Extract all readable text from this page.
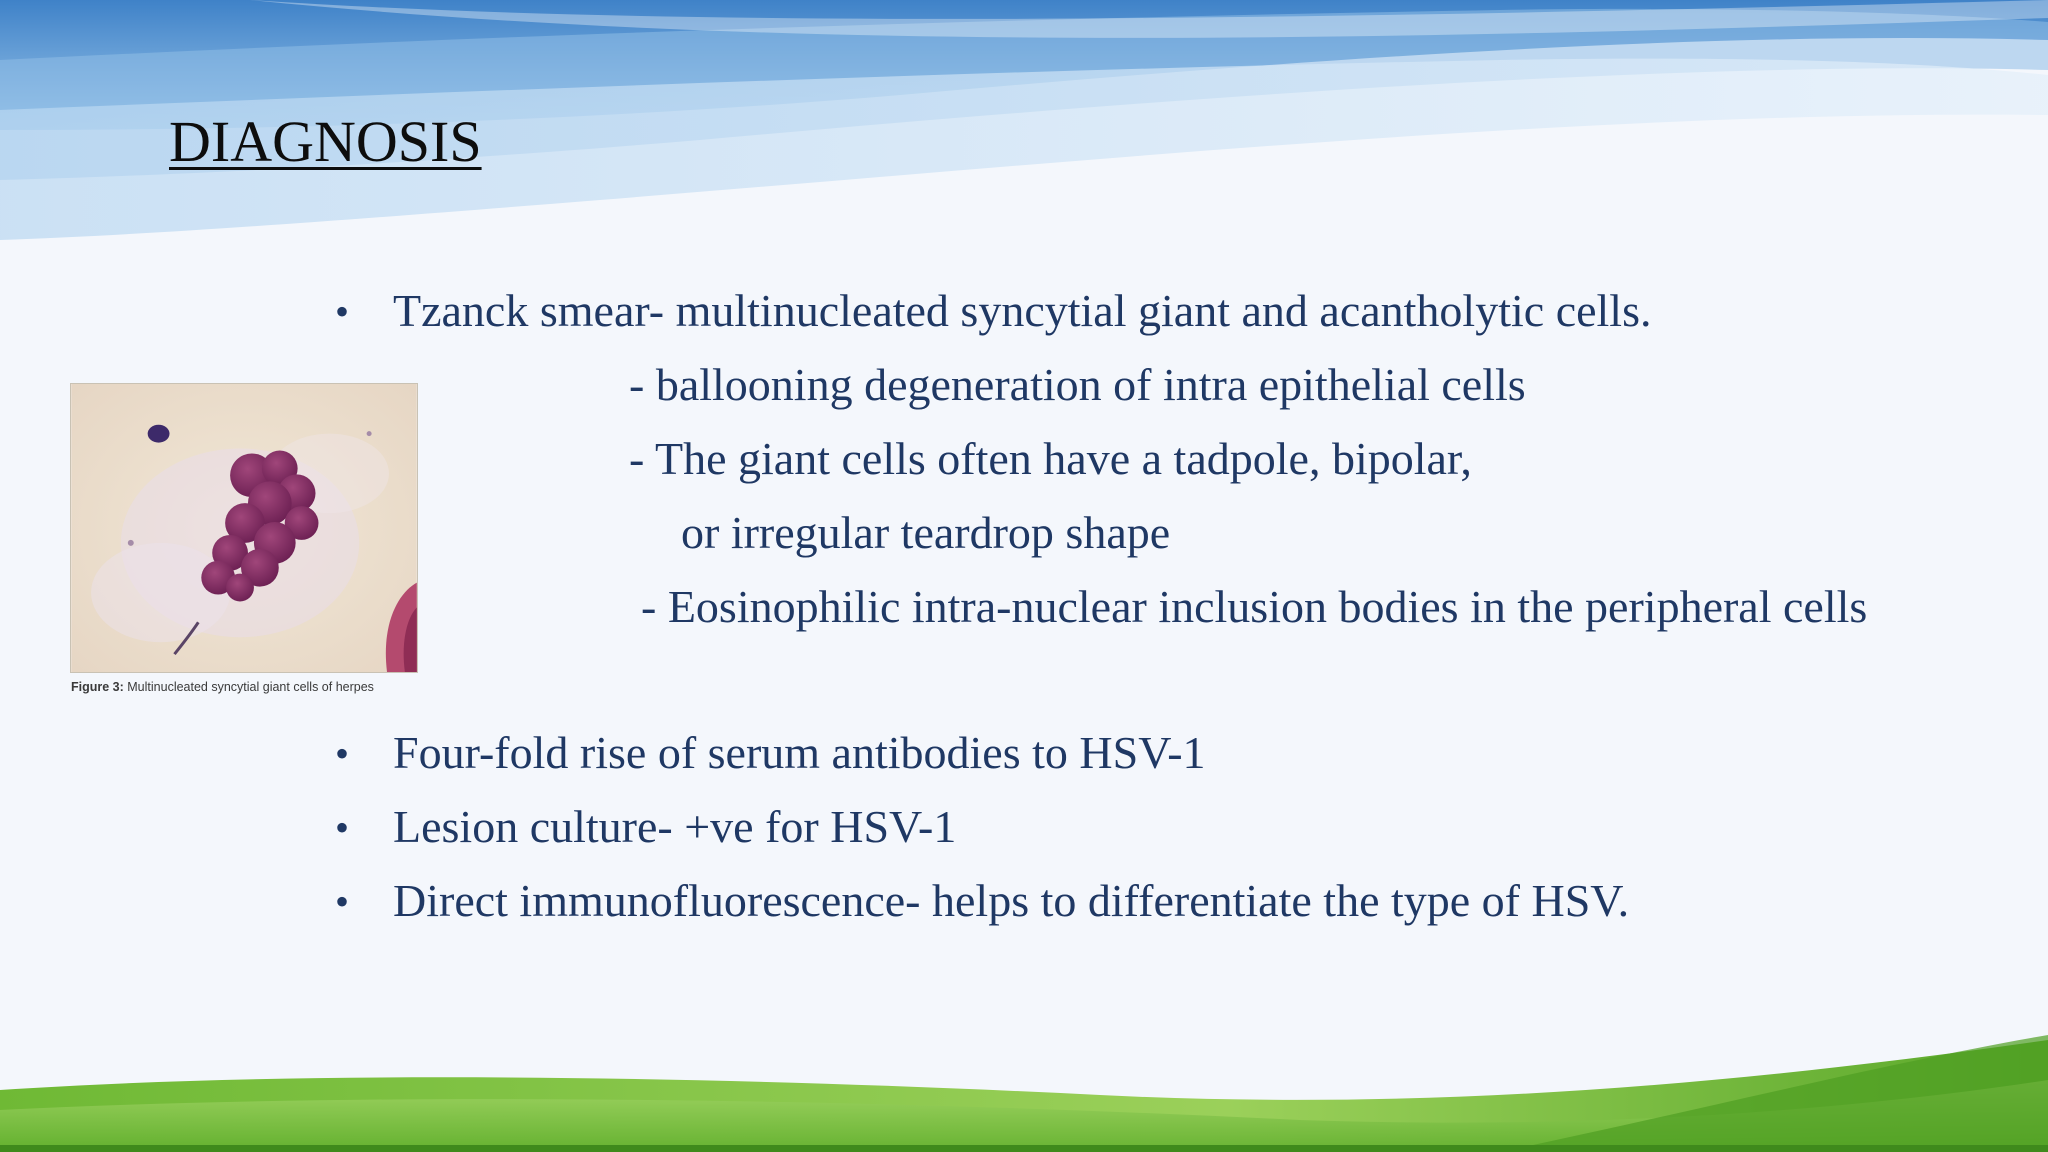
DIAGNOSIS
• Tzanck smear- multinucleated syncytial giant and acantholytic cells.
- ballooning degeneration of intra epithelial cells
- The giant cells often have a tadpole, bipolar,
or irregular teardrop shape
- Eosinophilic intra-nuclear inclusion bodies in the peripheral cells
Figure 3: Multinucleated syncytial giant cells of herpes
• Four-fold rise of serum antibodies to HSV-1
• Lesion culture- +ve for HSV-1
• Direct immunofluorescence- helps to differentiate the type of HSV.
